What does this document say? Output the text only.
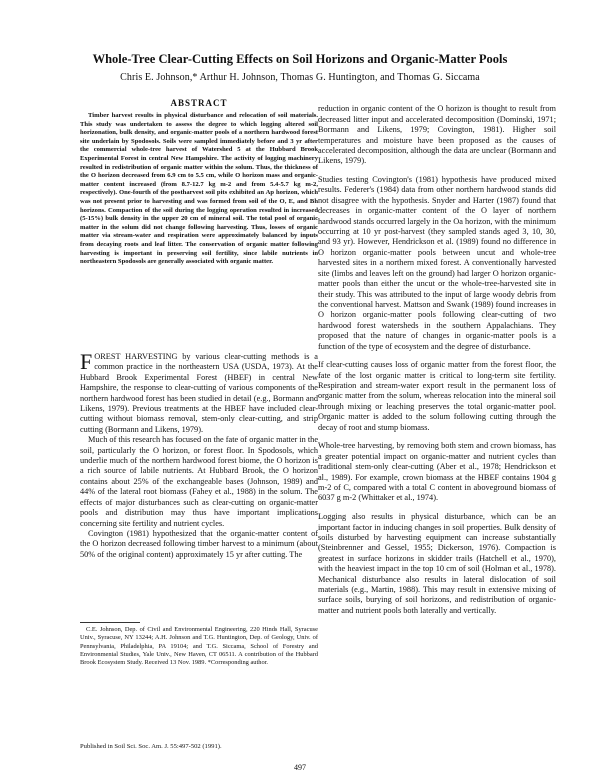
Whole-Tree Clear-Cutting Effects on Soil Horizons and Organic-Matter Pools
Chris E. Johnson,* Arthur H. Johnson, Thomas G. Huntington, and Thomas G. Siccama
ABSTRACT

Timber harvest results in physical disturbance and relocation of soil materials. This study was undertaken to assess the degree to which logging altered soil horizonation, bulk density, and organic-matter pools of a northern hardwood forest site underlain by Spodosols. Soils were sampled immediately before and 3 yr after the commercial whole-tree harvest of Watershed 5 at the Hubbard Brook Experimental Forest in central New Hampshire. The activity of logging machinery resulted in redistribution of organic matter within the solum. Thus, the thickness of the O horizon decreased from 6.9 cm to 5.5 cm, while O horizon mass and organic-matter content increased (from 8.7-12.7 kg m-2 and from 5.4-5.7 kg m-2, respectively). One-fourth of the postharvest soil pits exhibited an Ap horizon, which was not present prior to harvesting and was formed from soil of the O, E, and Bh horizons. Compaction of the soil during the logging operation resulted in increased (5-15%) bulk density in the upper 20 cm of mineral soil. The total pool of organic matter in the solum did not change following harvesting. Thus, losses of organic matter via stream-water and respiration were approximately balanced by inputs from decaying roots and leaf litter. The conservation of organic matter following harvesting is important in preserving soil fertility, since labile nutrients in northeastern Spodosols are generally associated with organic matter.

FOREST HARVESTING by various clear-cutting methods is a common practice in the northeastern USA (USDA, 1973). At the Hubbard Brook Experimental Forest (HBEF) in central New Hampshire, the response to clear-cutting of various components of the northern hardwood forest has been studied in detail (e.g., Bormann and Likens, 1979). Previous treatments at the HBEF have included clear-cutting without biomass removal, stem-only clear-cutting, and strip cutting (Bormann and Likens, 1979).

Much of this research has focused on the fate of organic matter in the soil, particularly the O horizon, or forest floor. In Spodosols, which underlie much of the northern hardwood forest biome, the O horizon is a rich source of labile nutrients. At Hubbard Brook, the O horizon contains about 25% of the exchangeable bases (Johnson, 1989) and 44% of the lateral root biomass (Fahey et al., 1988) in the solum. The effects of major disturbances such as clear-cutting on organic-matter pools and distribution may thus have important implications concerning site fertility and nutrient cycles.

Covington (1981) hypothesized that the organic-matter content of the O horizon decreased following timber harvest to a minimum (about 50% of the original content) approximately 15 yr after cutting. The

C.E. Johnson, Dep. of Civil and Environmental Engineering, 220 Hinds Hall, Syracuse Univ., Syracuse, NY 13244; A.H. Johnson and T.G. Huntington, Dep. of Geology, Univ. of Pennsylvania, Philadelphia, PA 19104; and T.G. Siccama, School of Forestry and Environmental Studies, Yale Univ., New Haven, CT 06511. A contribution of the Hubbard Brook Ecosystem Study. Received 13 Nov. 1989. *Corresponding author.

Published in Soil Sci. Soc. Am. J. 55:497-502 (1991).

reduction in organic content of the O horizon is thought to result from decreased litter input and accelerated decomposition (Dominski, 1971; Bormann and Likens, 1979; Covington, 1981). Higher soil temperatures and moisture have been proposed as the causes of accelerated decomposition, although the data are unclear (Bormann and Likens, 1979).

Studies testing Covington's (1981) hypothesis have produced mixed results. Federer's (1984) data from other northern hardwood stands did not disagree with the hypothesis. Snyder and Harter (1987) found that decreases in organic-matter content of the O layer of northern hardwood stands occurred largely in the Oa horizon, with the minimum occurring at 10 yr post-harvest (they sampled stands aged 3, 10, 30, and 93 yr). However, Hendrickson et al. (1989) found no difference in O horizon organic-matter pools between uncut and whole-tree harvested sites in a northern mixed forest. A conventionally harvested site (limbs and leaves left on the ground) had larger O horizon organic-matter pools than either the uncut or the whole-tree-harvested site in their study. This was attributed to the input of large woody debris from the conventional harvest. Mattson and Swank (1989) found increases in O horizon organic-matter pools following clear-cutting of two hardwood forest watersheds in the southern Appalachians. They proposed that the nature of changes in organic-matter pools is a function of the type of ecosystem and the degree of disturbance.

If clear-cutting causes loss of organic matter from the forest floor, the fate of the lost organic matter is critical to long-term site fertility. Respiration and stream-water export result in the permanent loss of organic matter from the solum, whereas relocation into the mineral soil through mixing or leaching preserves the total organic-matter pool. Organic matter is added to the solum following cutting through the decay of root and stump biomass.

Whole-tree harvesting, by removing both stem and crown biomass, has a greater potential impact on organic-matter and nutrient cycles than traditional stem-only clear-cutting (Aber et al., 1978; Hendrickson et al., 1989). For example, crown biomass at the HBEF contains 1904 g m-2 of C, compared with a total C content in aboveground biomass of 6037 g m-2 (Whittaker et al., 1974).

Logging also results in physical disturbance, which can be an important factor in inducing changes in soil properties. Bulk density of soils disturbed by harvesting equipment can increase substantially (Steinbrenner and Gessel, 1955; Dickerson, 1976). Compaction is greatest in surface horizons in skidder trails (Hatchell et al., 1970), with the heaviest impact in the top 10 cm of soil (Holman et al., 1978). Mechanical disturbance also results in lateral dislocation of soil materials (e.g., Martin, 1988). This may result in extensive mixing of surface soils, burying of soil horizons, and redistribution of organic-matter and nutrient pools both laterally and vertically.

497
